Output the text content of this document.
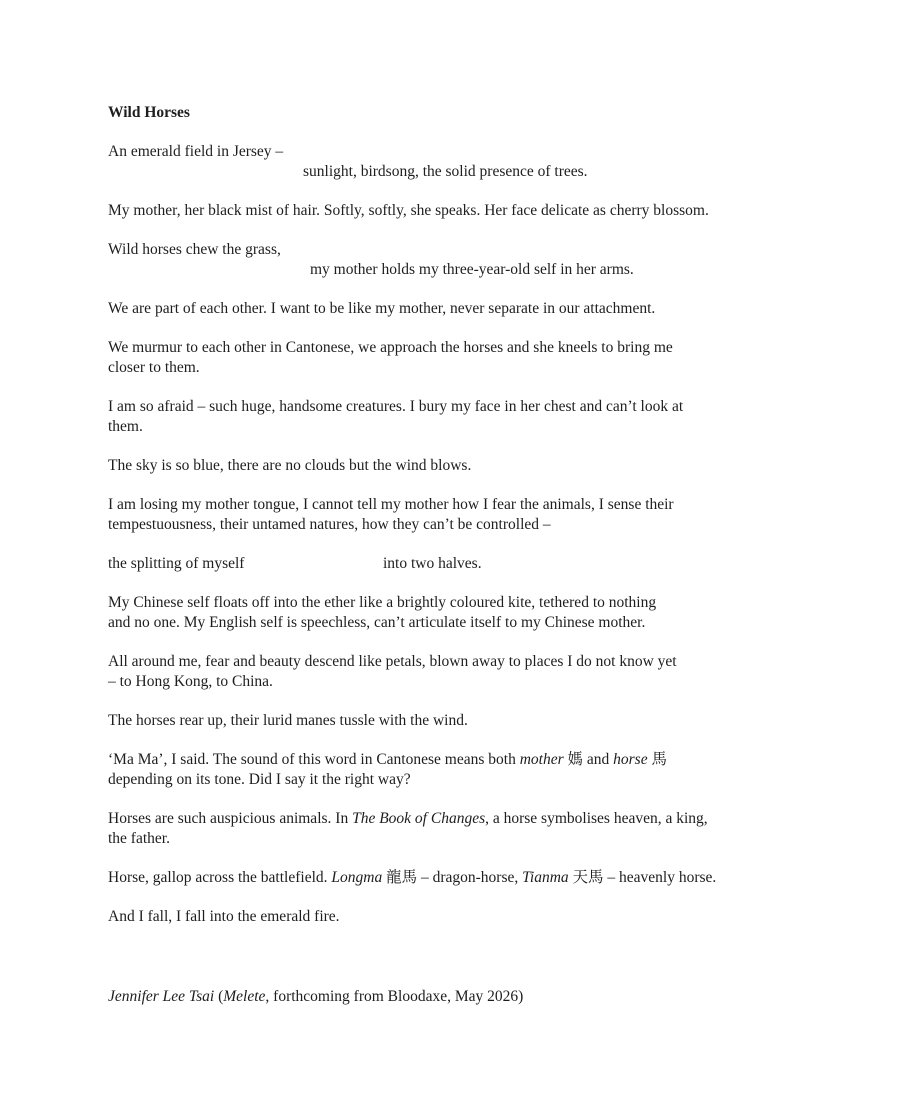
Wild Horses
An emerald field in Jersey –
sunlight, birdsong, the solid presence of trees.
My mother, her black mist of hair. Softly, softly, she speaks. Her face delicate as cherry blossom.
Wild horses chew the grass,
my mother holds my three-year-old self in her arms.
We are part of each other. I want to be like my mother, never separate in our attachment.
We murmur to each other in Cantonese, we approach the horses and she kneels to bring me
closer to them.
I am so afraid – such huge, handsome creatures. I bury my face in her chest and can’t look at
them.
The sky is so blue, there are no clouds but the wind blows.
I am losing my mother tongue, I cannot tell my mother how I fear the animals, I sense their
tempestuousness, their untamed natures, how they can’t be controlled –
the splitting of myself	into two halves.
My Chinese self floats off into the ether like a brightly coloured kite, tethered to nothing
and no one. My English self is speechless, can’t articulate itself to my Chinese mother.
All around me, fear and beauty descend like petals, blown away to places I do not know yet
– to Hong Kong, to China.
The horses rear up, their lurid manes tussle with the wind.
‘Ma Ma’, I said. The sound of this word in Cantonese means both mother 媽 and horse 馬
depending on its tone. Did I say it the right way?
Horses are such auspicious animals. In The Book of Changes, a horse symbolises heaven, a king,
the father.
Horse, gallop across the battlefield. Longma 龍馬 – dragon-horse, Tianma 天馬 – heavenly horse.
And I fall, I fall into the emerald fire.
Jennifer Lee Tsai (Melete, forthcoming from Bloodaxe, May 2026)
